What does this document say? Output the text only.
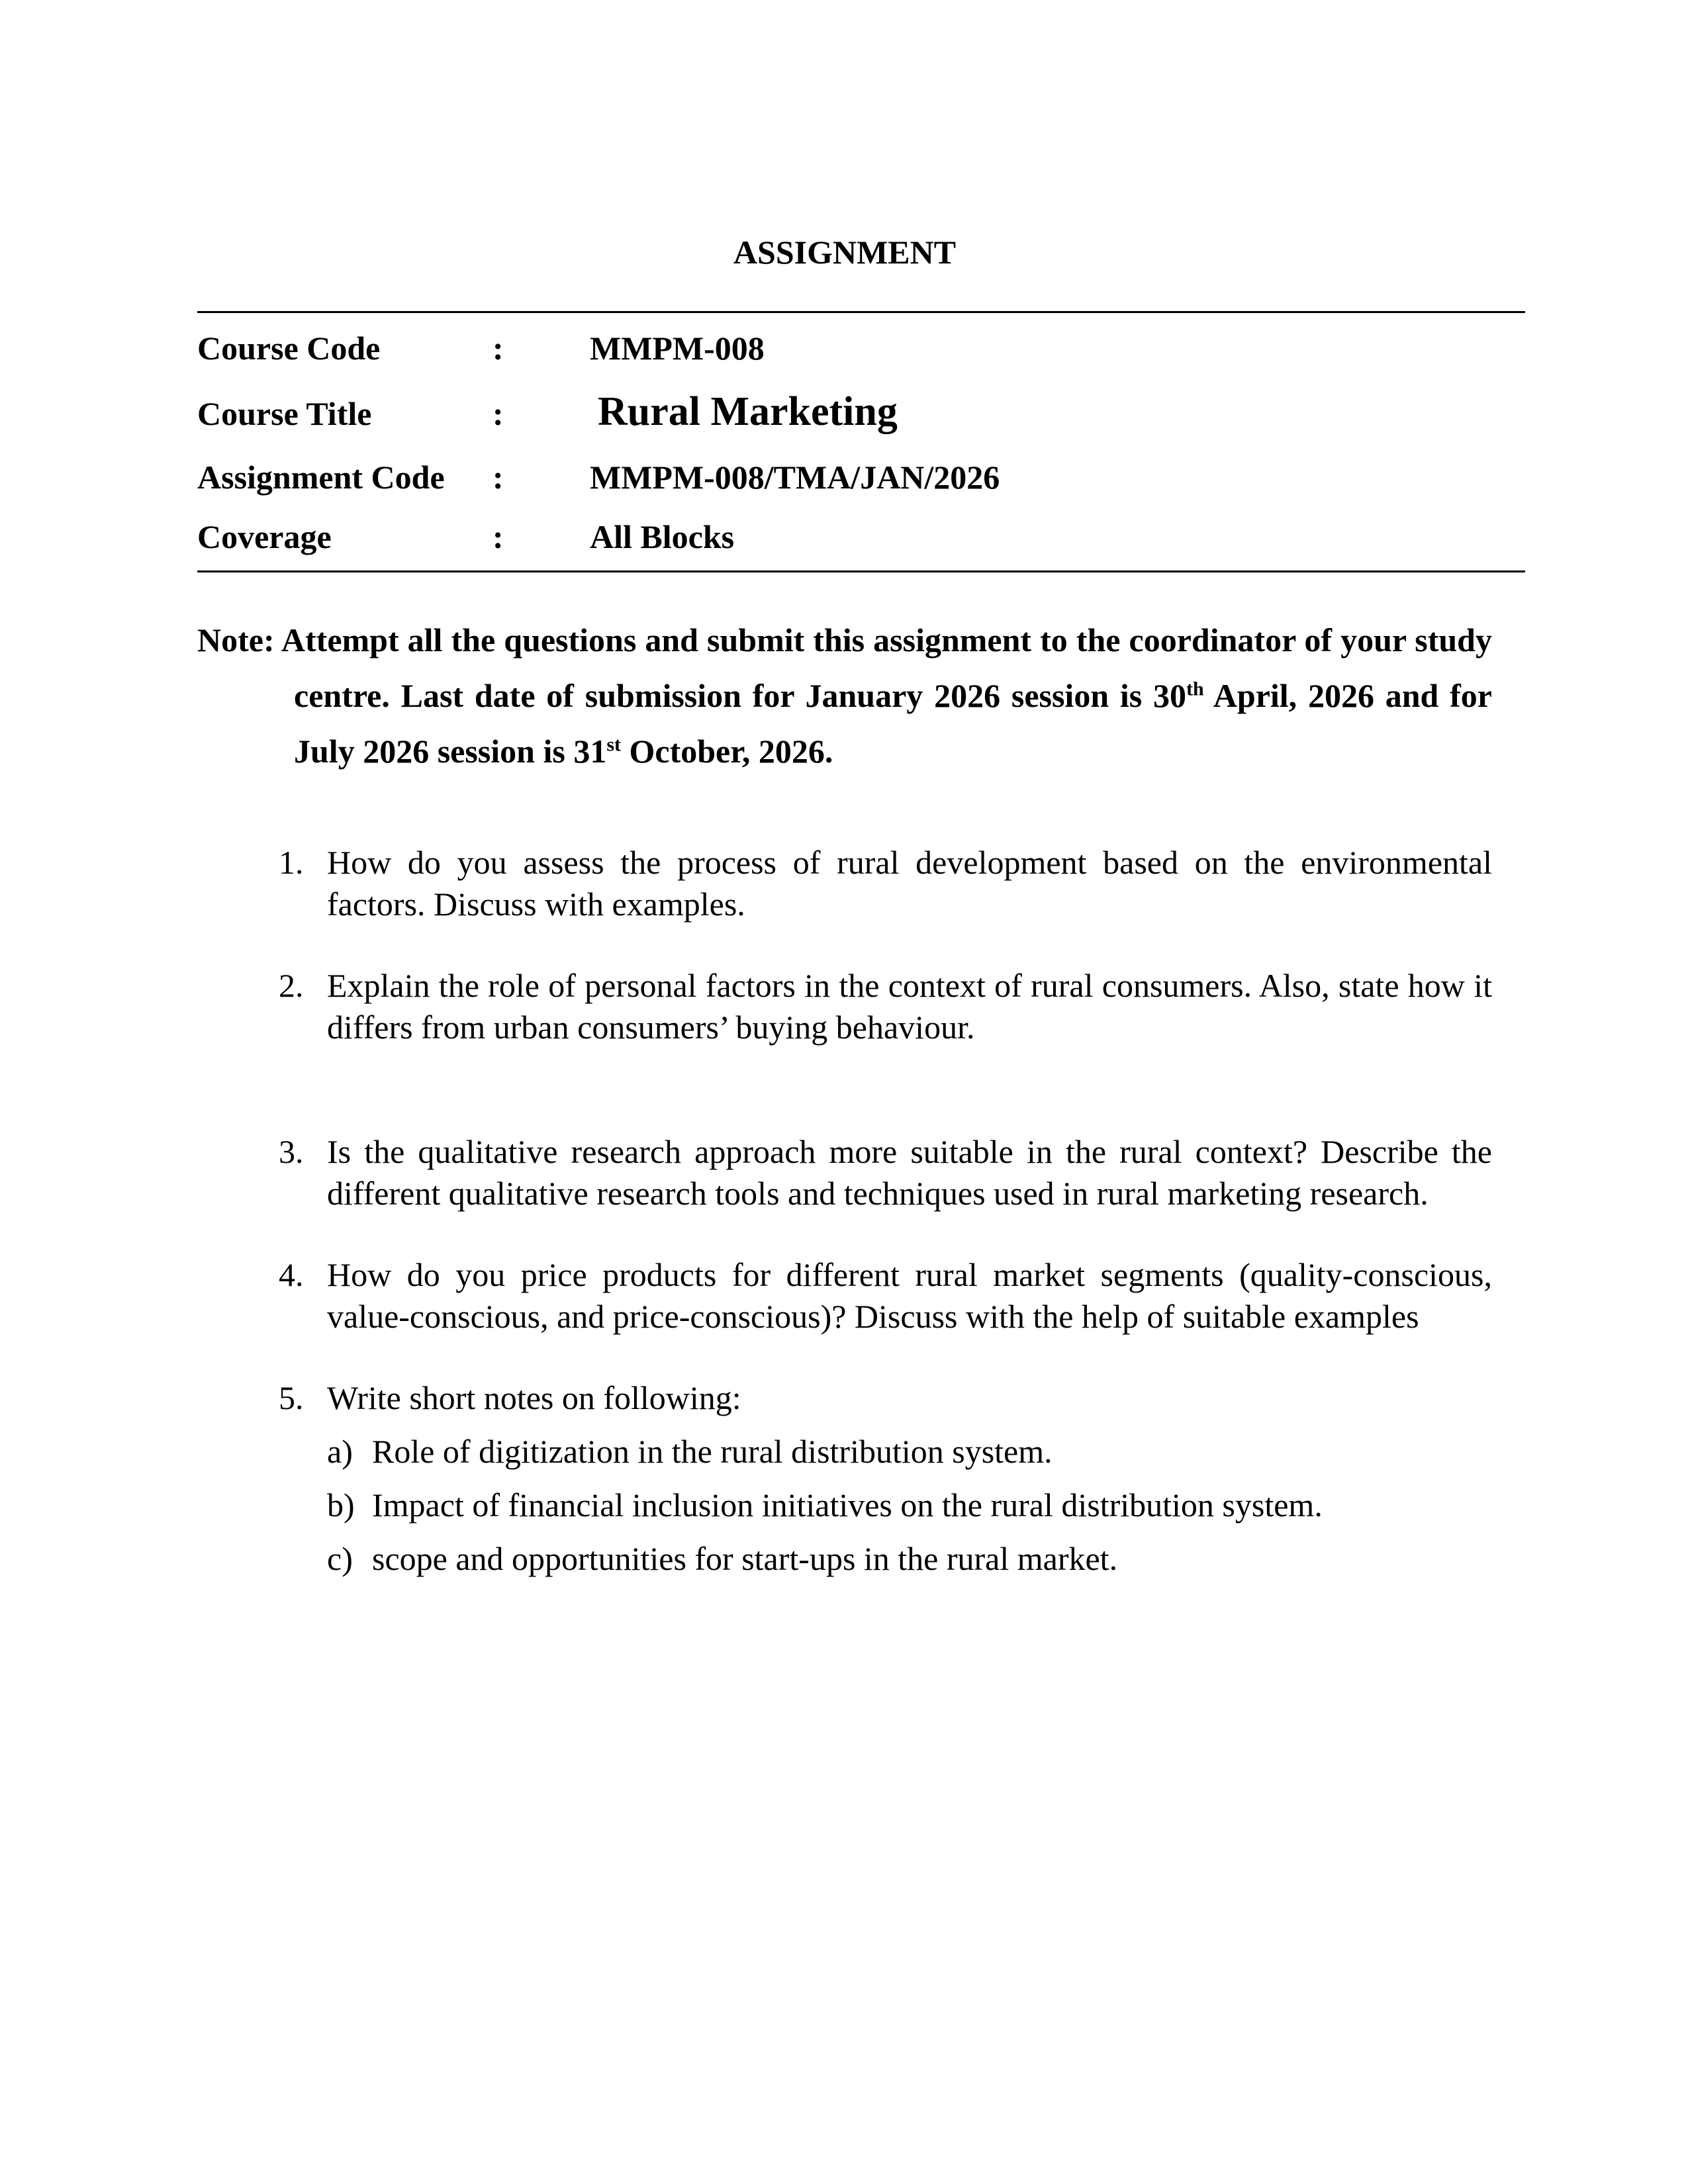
ASSIGNMENT
Course Code	:	MMPM-008
Course Title	: Rural Marketing
Assignment Code :	MMPM-008/TMA/JAN/2026
Coverage	:	All Blocks

Note: Attempt all the questions and submit this assignment to the coordinator of your study centre. Last date of submission for January 2026 session is 30th April, 2026 and for July 2026 session is 31st October, 2026.

1. How do you assess the process of rural development based on the environmental factors. Discuss with examples.
2. Explain the role of personal factors in the context of rural consumers. Also, state how it differs from urban consumers’ buying behaviour.
3. Is the qualitative research approach more suitable in the rural context? Describe the different qualitative research tools and techniques used in rural marketing research.
4. How do you price products for different rural market segments (quality-conscious, value-conscious, and price-conscious)? Discuss with the help of suitable examples
5. Write short notes on following:
a) Role of digitization in the rural distribution system.
b) Impact of financial inclusion initiatives on the rural distribution system.
c) scope and opportunities for start-ups in the rural market.
